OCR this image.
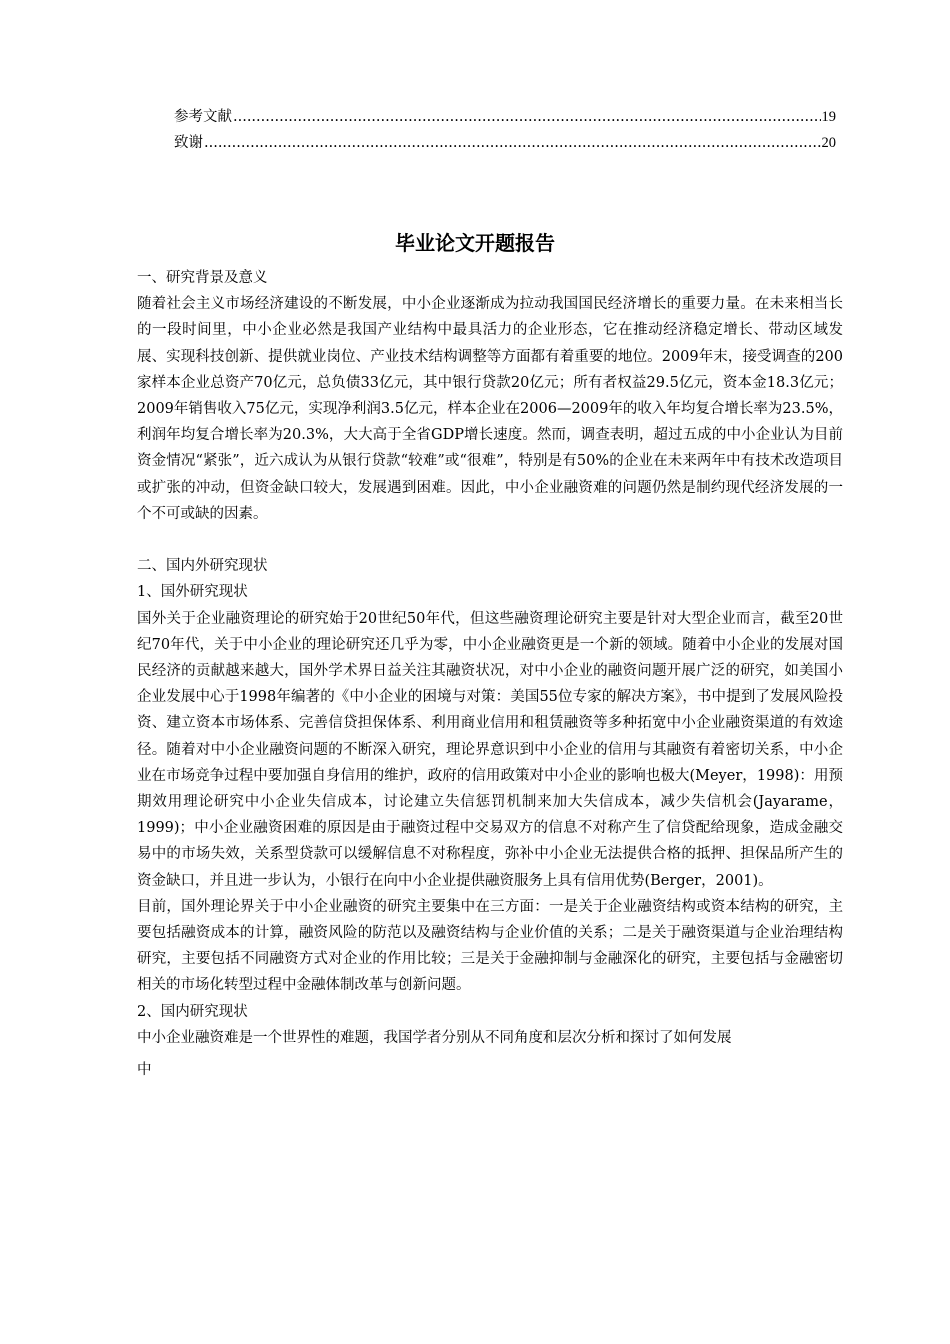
参考文献 .....	19
致谢 .....	20
毕业论文开题报告

一、研究背景及意义

随着社会主义市场经济建设的不断发展，中小企业逐渐成为拉动我国国民经济增长的重要力量。在未来相当长的一段时间里，中小企业必然是我国产业结构中最具活力的企业形态，它在推动经济稳定增长、带动区域发展、实现科技创新、提供就业岗位、产业技术结构调整等方面都有着重要的地位。2009年末，接受调查的200家样本企业总资产70亿元，总负债33亿元，其中银行贷款20亿元；所有者权益29.5亿元，资本金18.3亿元；2009年销售收入75亿元，实现净利润3.5亿元，样本企业在2006—2009年的收入年均复合增长率为23.5%，利润年均复合增长率为20.3%，大大高于全省GDP增长速度。然而，调查表明，超过五成的中小企业认为目前资金情况“紧张”，近六成认为从银行贷款“较难”或“很难”，特别是有50%的企业在未来两年中有技术改造项目或扩张的冲动，但资金缺口较大，发展遇到困难。因此，中小企业融资难的问题仍然是制约现代经济发展的一个不可或缺的因素。

二、国内外研究现状

1、国外研究现状

国外关于企业融资理论的研究始于20世纪50年代，但这些融资理论研究主要是针对大型企业而言，截至20世纪70年代，关于中小企业的理论研究还几乎为零，中小企业融资更是一个新的领域。随着中小企业的发展对国民经济的贡献越来越大，国外学术界日益关注其融资状况，对中小企业的融资问题开展广泛的研究，如美国小企业发展中心于1998年编著的《中小企业的困境与对策：美国55位专家的解决方案》，书中提到了发展风险投资、建立资本市场体系、完善信贷担保体系、利用商业信用和租赁融资等多种拓宽中小企业融资渠道的有效途径。随着对中小企业融资问题的不断深入研究，理论界意识到中小企业的信用与其融资有着密切关系，中小企业在市场竞争过程中要加强自身信用的维护，政府的信用政策对中小企业的影响也极大(Meyer，1998)：用预期效用理论研究中小企业失信成本，讨论建立失信惩罚机制来加大失信成本，减少失信机会(Jayarame，1999)；中小企业融资困难的原因是由于融资过程中交易双方的信息不对称产生了信贷配给现象，造成金融交易中的市场失效，关系型贷款可以缓解信息不对称程度，弥补中小企业无法提供合格的抵押、担保品所产生的资金缺口，并且进一步认为，小银行在向中小企业提供融资服务上具有信用优势(Berger，2001)。

目前，国外理论界关于中小企业融资的研究主要集中在三方面：一是关于企业融资结构或资本结构的研究，主要包括融资成本的计算，融资风险的防范以及融资结构与企业价值的关系；二是关于融资渠道与企业治理结构研究，主要包括不同融资方式对企业的作用比较；三是关于金融抑制与金融深化的研究，主要包括与金融密切相关的市场化转型过程中金融体制改革与创新问题。

2、国内研究现状

中小企业融资难是一个世界性的难题，我国学者分别从不同角度和层次分析和探讨了如何发展

中
